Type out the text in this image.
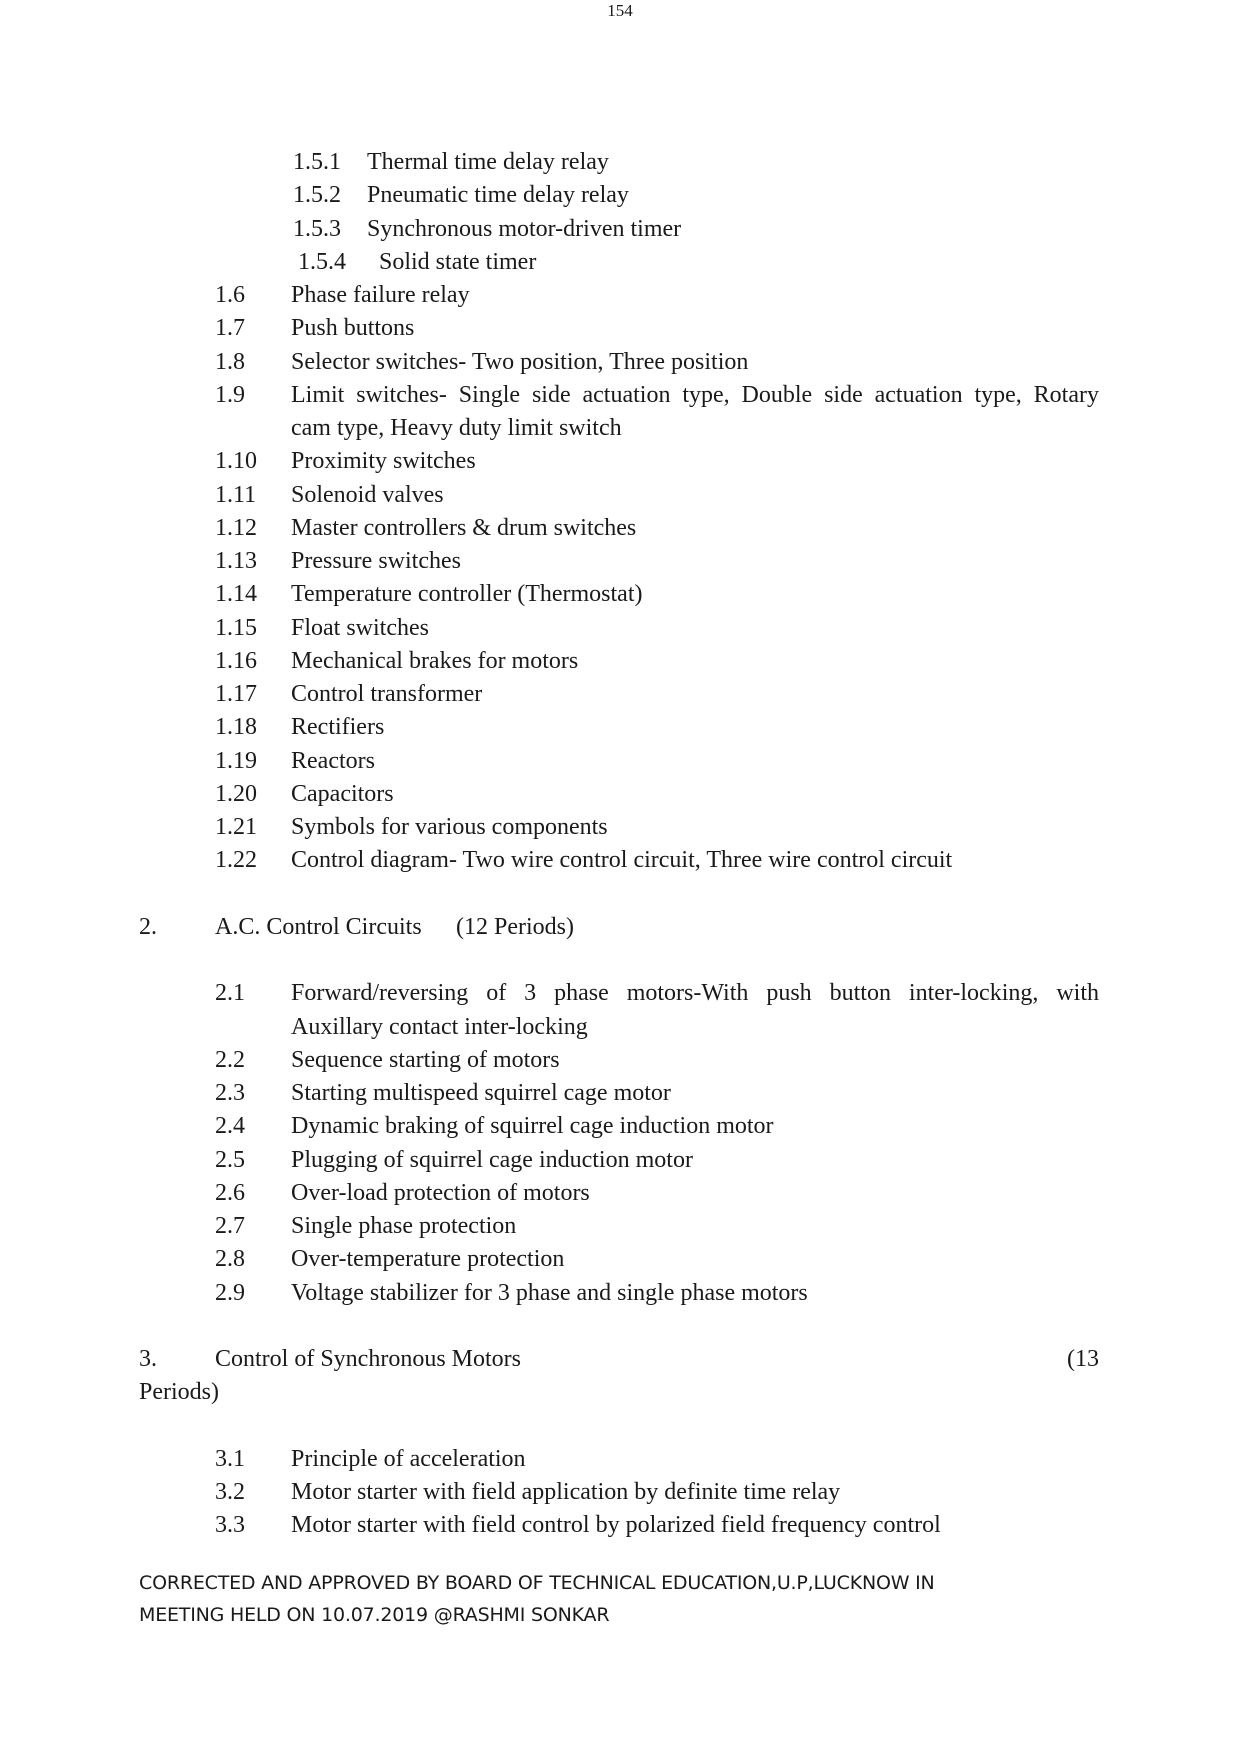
154
1.5.1 Thermal time delay relay
1.5.2 Pneumatic time delay relay
1.5.3 Synchronous motor-driven timer
1.5.4 Solid state timer
1.6 Phase failure relay
1.7 Push buttons
1.8 Selector switches- Two position, Three position
1.9 Limit switches- Single side actuation type, Double side actuation type, Rotary
cam type, Heavy duty limit switch
1.10 Proximity switches
1.11 Solenoid valves
1.12 Master controllers & drum switches
1.13 Pressure switches
1.14 Temperature controller (Thermostat)
1.15 Float switches
1.16 Mechanical brakes for motors
1.17 Control transformer
1.18 Rectifiers
1.19 Reactors
1.20 Capacitors
1.21 Symbols for various components
1.22 Control diagram- Two wire control circuit, Three wire control circuit
2. A.C. Control Circuits (12 Periods)
2.1 Forward/reversing of 3 phase motors-With push button inter-locking, with
Auxillary contact inter-locking
2.2 Sequence starting of motors
2.3 Starting multispeed squirrel cage motor
2.4 Dynamic braking of squirrel cage induction motor
2.5 Plugging of squirrel cage induction motor
2.6 Over-load protection of motors
2.7 Single phase protection
2.8 Over-temperature protection
2.9 Voltage stabilizer for 3 phase and single phase motors
3. Control of Synchronous Motors	(13
Periods)
3.1 Principle of acceleration
3.2 Motor starter with field application by definite time relay
3.3 Motor starter with field control by polarized field frequency control
CORRECTED AND APPROVED BY BOARD OF TECHNICAL EDUCATION,U.P,LUCKNOW IN
MEETING HELD ON 10.07.2019 @RASHMI SONKAR
